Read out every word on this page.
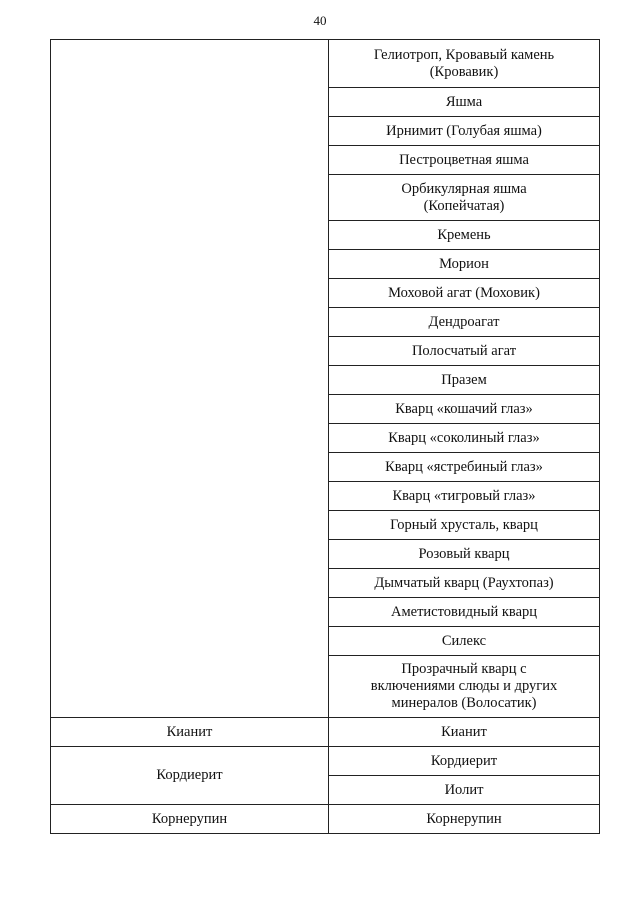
40
	Гелиотроп, Кровавый камень
(Кровавик)
	Яшма
	Ирнимит (Голубая яшма)
	Пестроцветная яшма
	Орбикулярная яшма
(Копейчатая)
	Кремень
	Морион
	Моховой агат (Моховик)
	Дендроагат
	Полосчатый агат
	Празем
	Кварц «кошачий глаз»
	Кварц «соколиный глаз»
	Кварц «ястребиный глаз»
	Кварц «тигровый глаз»
	Горный хрусталь, кварц
	Розовый кварц
	Дымчатый кварц (Раухтопаз)
	Аметистовидный кварц
	Силекс
	Прозрачный кварц с
включениями слюды и других
минералов (Волосатик)
Кианит	Кианит
Кордиерит	Кордиерит
	Иолит
Корнерупин	Корнерупин
